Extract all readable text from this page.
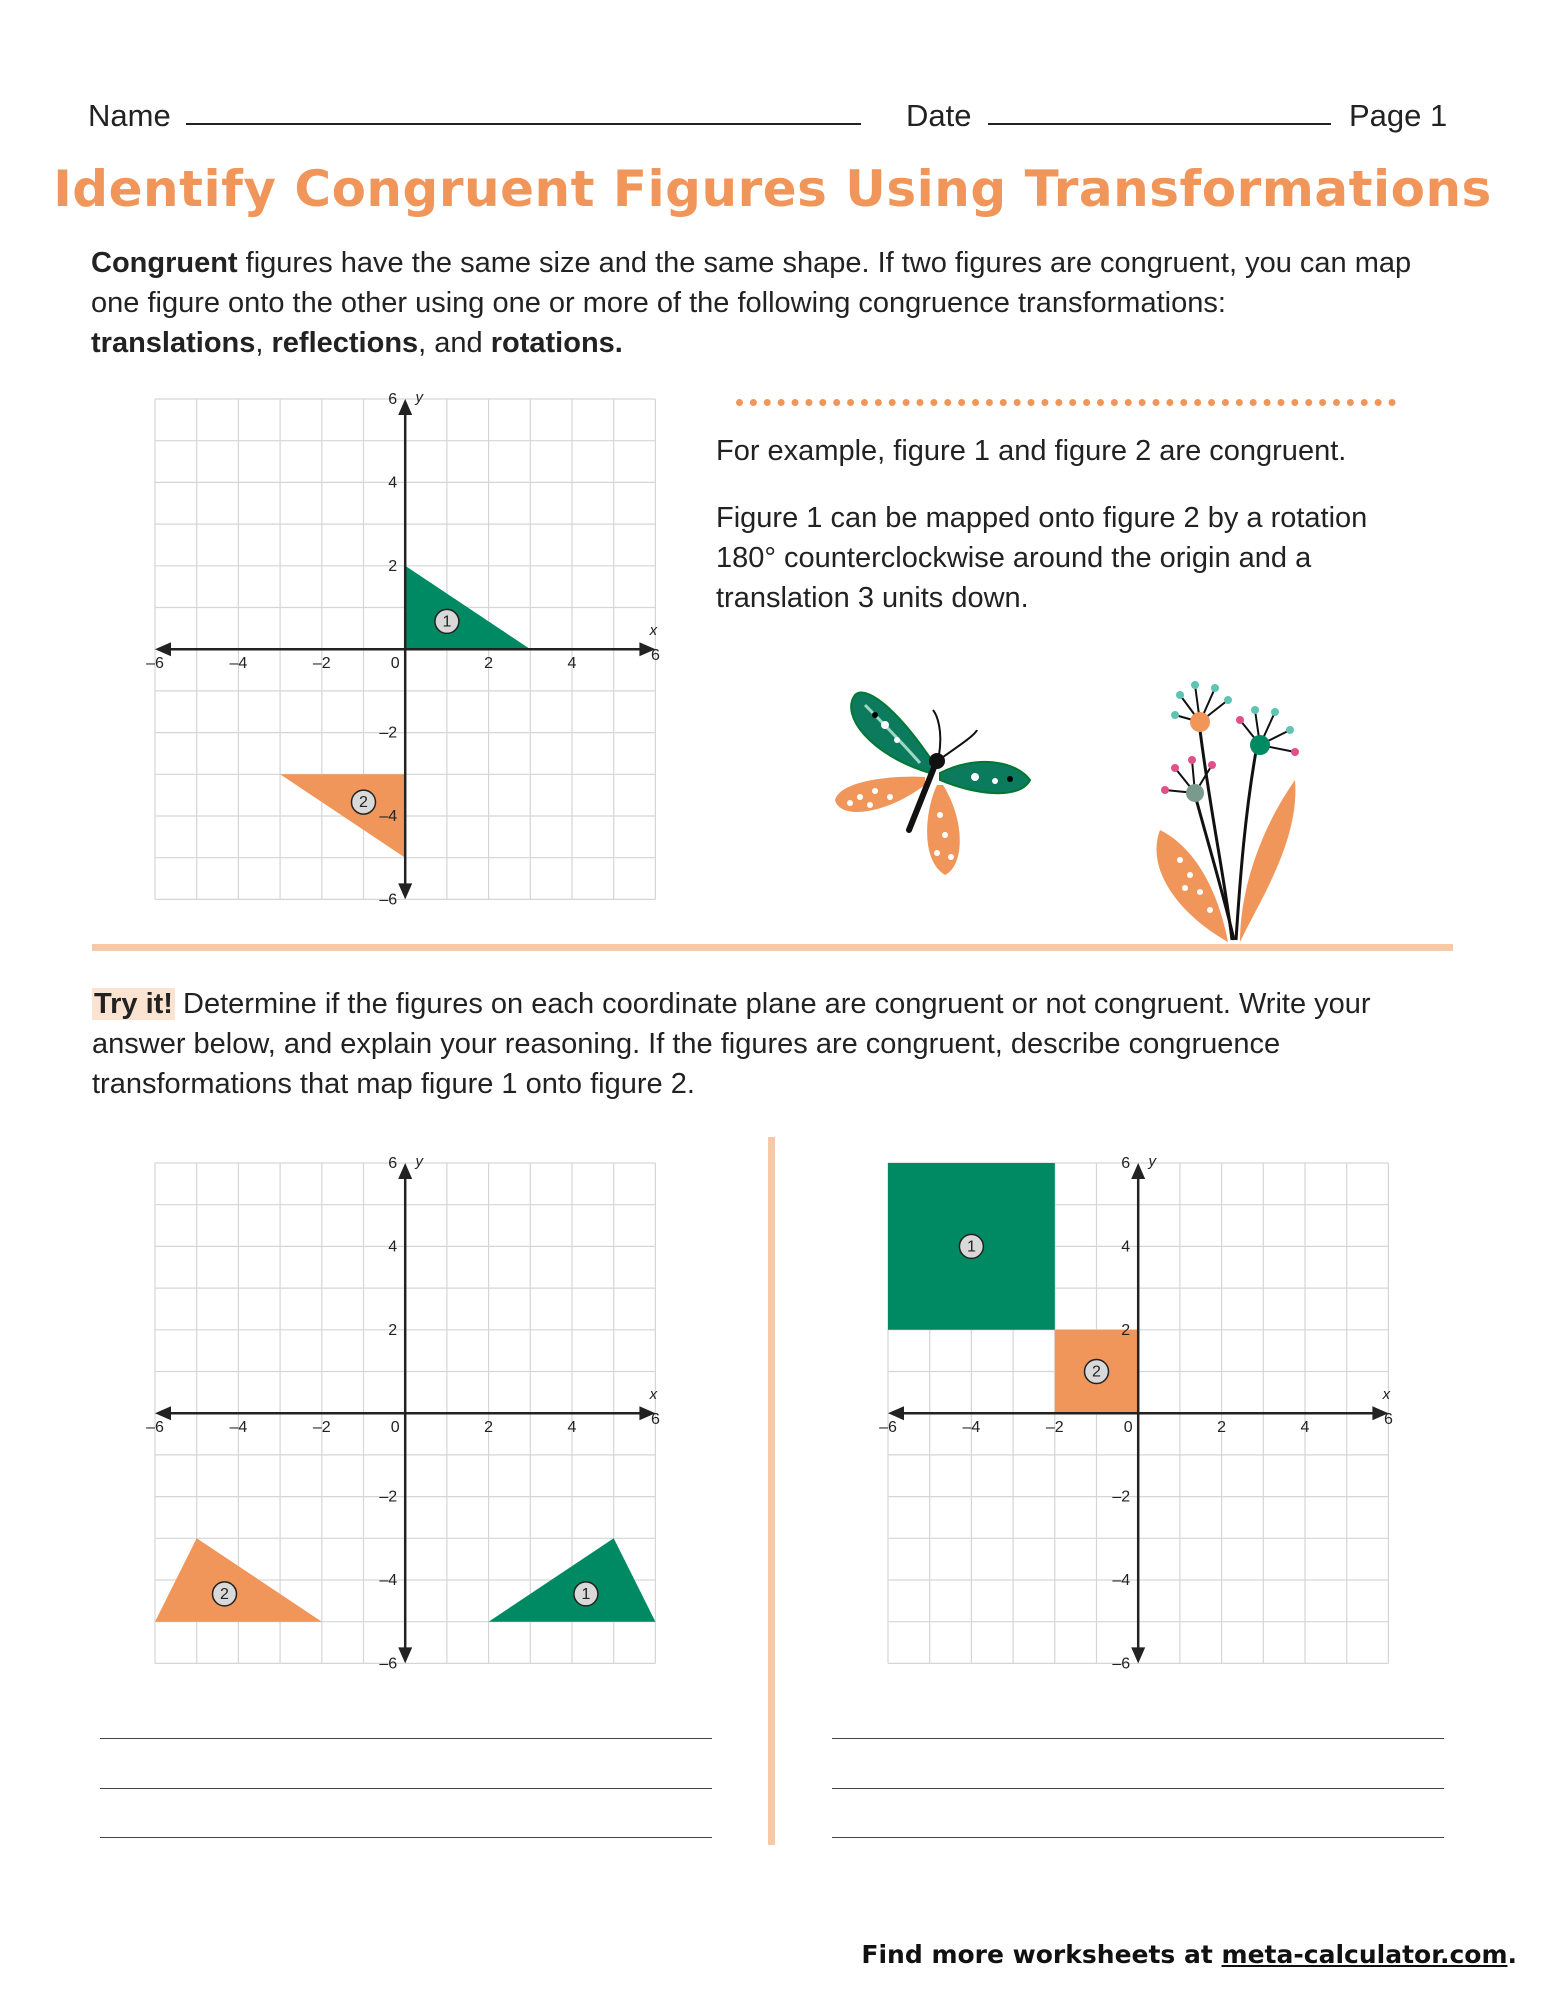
Name	Date	Page 1
Identify Congruent Figures Using Transformations
Congruent figures have the same size and the same shape. If two figures are congruent, you can map one figure onto the other using one or more of the following congruence transformations:
translations, reflections, and rotations.
1
2
–6	–4	–2	0	2	4	6
6
4
2
–2
–4
–6
x
y
For example, figure 1 and figure 2 are congruent.
Figure 1 can be mapped onto figure 2 by a rotation 180° counterclockwise around the origin and a translation 3 units down.
Try it! Determine if the figures on each coordinate plane are congruent or not congruent. Write your answer below, and explain your reasoning. If the figures are congruent, describe congruence transformations that map figure 1 onto figure 2.
1
2
–6	–4	–2	0	2	4	6
6
4
2
–2
–4
–6
x
y
1
2
–6	–4	–2	0	2	4	6
6
4
2
–2
–4
–6
x
y
Find more worksheets at meta-calculator.com.
